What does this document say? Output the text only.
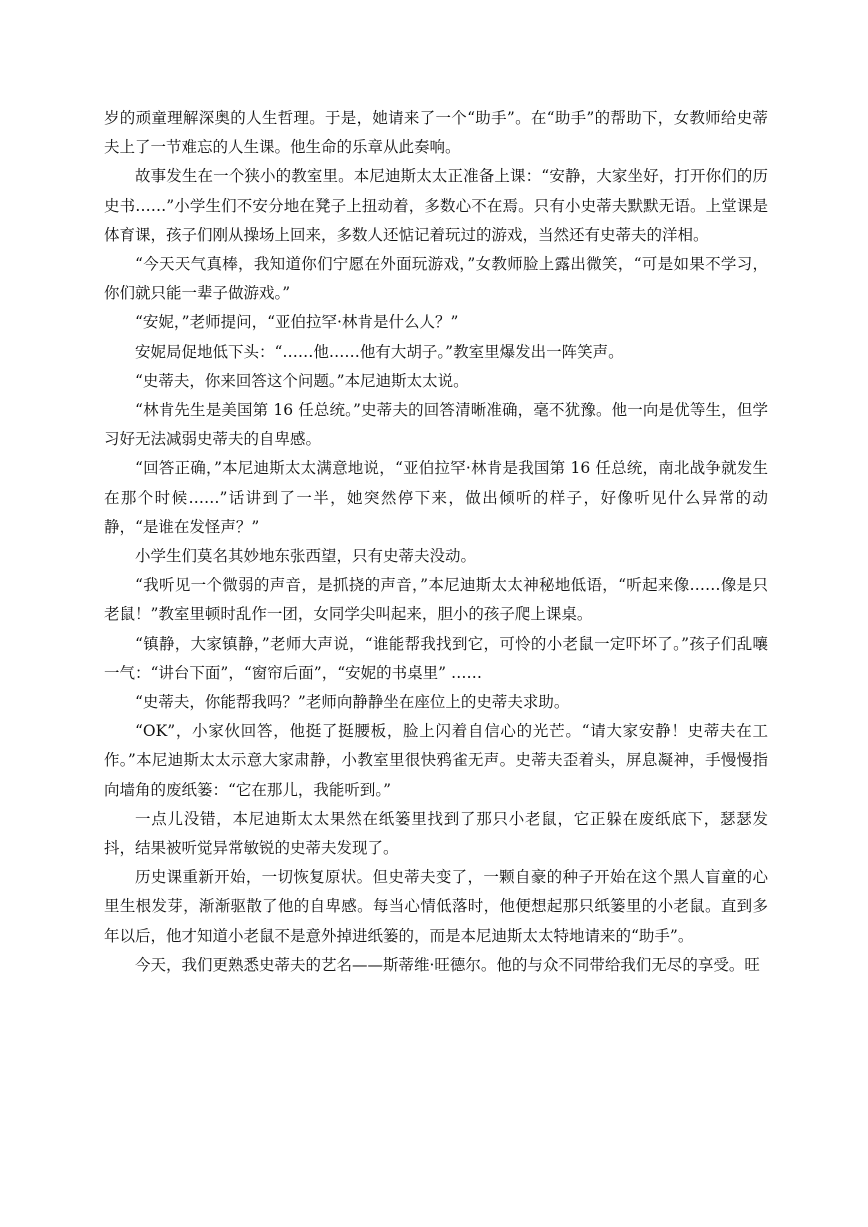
岁的顽童理解深奥的人生哲理。于是，她请来了一个“助手”。在“助手”的帮助下，女教师给史蒂夫上了一节难忘的人生课。他生命的乐章从此奏响。

故事发生在一个狭小的教室里。本尼迪斯太太正准备上课：“安静，大家坐好，打开你们的历史书……”小学生们不安分地在凳子上扭动着，多数心不在焉。只有小史蒂夫默默无语。上堂课是体育课，孩子们刚从操场上回来，多数人还惦记着玩过的游戏，当然还有史蒂夫的洋相。

“今天天气真棒，我知道你们宁愿在外面玩游戏，”女教师脸上露出微笑，“可是如果不学习，你们就只能一辈子做游戏。”

“安妮，”老师提问，“亚伯拉罕·林肯是什么人？”

安妮局促地低下头：“……他……他有大胡子。”教室里爆发出一阵笑声。

“史蒂夫，你来回答这个问题。”本尼迪斯太太说。

“林肯先生是美国第 16 任总统。”史蒂夫的回答清晰准确，毫不犹豫。他一向是优等生，但学习好无法减弱史蒂夫的自卑感。

“回答正确，”本尼迪斯太太满意地说，“亚伯拉罕·林肯是我国第 16 任总统，南北战争就发生在那个时候……”话讲到了一半，她突然停下来，做出倾听的样子，好像听见什么异常的动静，“是谁在发怪声？”

小学生们莫名其妙地东张西望，只有史蒂夫没动。

“我听见一个微弱的声音，是抓挠的声音，”本尼迪斯太太神秘地低语，“听起来像……像是只老鼠！”教室里顿时乱作一团，女同学尖叫起来，胆小的孩子爬上课桌。

“镇静，大家镇静，”老师大声说，“谁能帮我找到它，可怜的小老鼠一定吓坏了。”孩子们乱嚷一气：“讲台下面”，“窗帘后面”，“安妮的书桌里” ……

“史蒂夫，你能帮我吗？”老师向静静坐在座位上的史蒂夫求助。

“OK”，小家伙回答，他挺了挺腰板，脸上闪着自信心的光芒。“请大家安静！史蒂夫在工作。”本尼迪斯太太示意大家肃静，小教室里很快鸦雀无声。史蒂夫歪着头，屏息凝神，手慢慢指向墙角的废纸篓：“它在那儿，我能听到。”

一点儿没错，本尼迪斯太太果然在纸篓里找到了那只小老鼠，它正躲在废纸底下，瑟瑟发抖，结果被听觉异常敏锐的史蒂夫发现了。

历史课重新开始，一切恢复原状。但史蒂夫变了，一颗自豪的种子开始在这个黑人盲童的心里生根发芽，渐渐驱散了他的自卑感。每当心情低落时，他便想起那只纸篓里的小老鼠。直到多年以后，他才知道小老鼠不是意外掉进纸篓的，而是本尼迪斯太太特地请来的“助手”。

今天，我们更熟悉史蒂夫的艺名——斯蒂维·旺德尔。他的与众不同带给我们无尽的享受。旺
